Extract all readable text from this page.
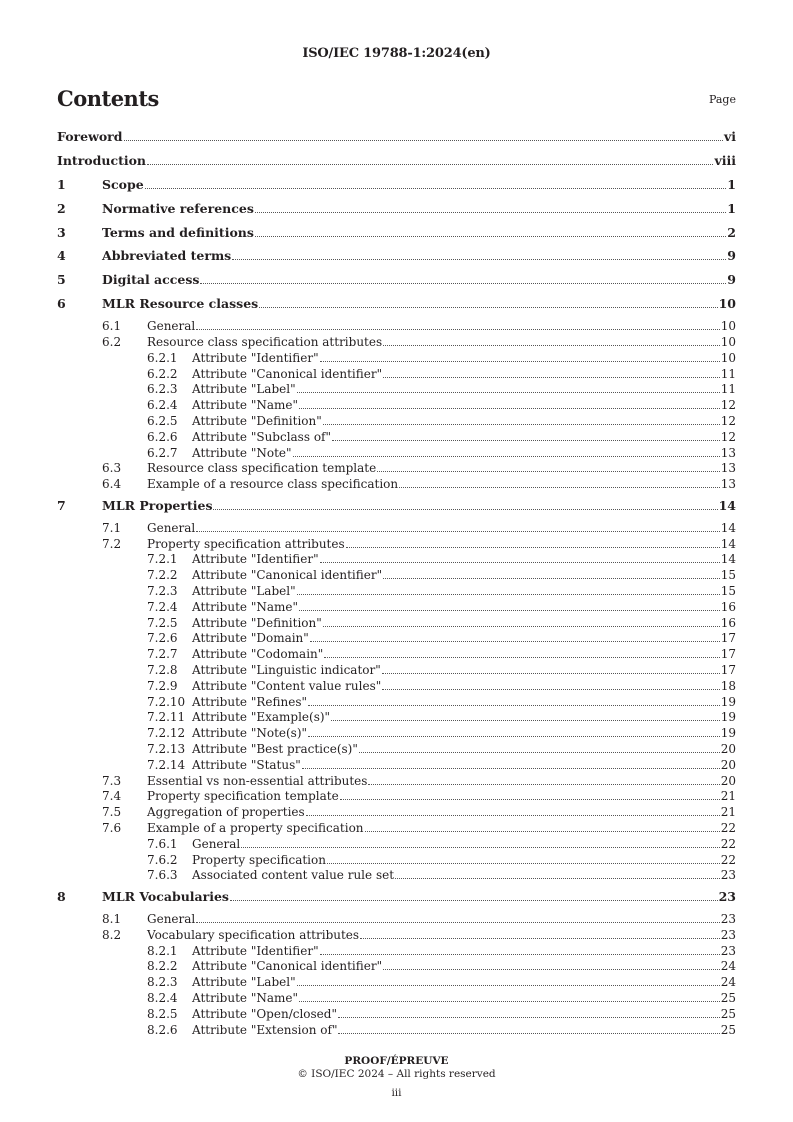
ISO/IEC 19788-1:2024(en)
Contents	Page
Foreword	vi
Introduction	viii
1	Scope	1
2	Normative references	1
3	Terms and definitions	2
4	Abbreviated terms	9
5	Digital access	9
6	MLR Resource classes	10
6.1	General	10
6.2	Resource class specification attributes	10
6.2.1	Attribute "Identifier"	10
6.2.2	Attribute "Canonical identifier"	11
6.2.3	Attribute "Label"	11
6.2.4	Attribute "Name"	12
6.2.5	Attribute "Definition"	12
6.2.6	Attribute "Subclass of"	12
6.2.7	Attribute "Note"	13
6.3	Resource class specification template	13
6.4	Example of a resource class specification	13
7	MLR Properties	14
7.1	General	14
7.2	Property specification attributes	14
7.2.1	Attribute "Identifier"	14
7.2.2	Attribute "Canonical identifier"	15
7.2.3	Attribute "Label"	15
7.2.4	Attribute "Name"	16
7.2.5	Attribute "Definition"	16
7.2.6	Attribute "Domain"	17
7.2.7	Attribute "Codomain"	17
7.2.8	Attribute "Linguistic indicator"	17
7.2.9	Attribute "Content value rules"	18
7.2.10 Attribute "Refines"	19
7.2.11 Attribute "Example(s)"	19
7.2.12 Attribute "Note(s)"	19
7.2.13 Attribute "Best practice(s)"	20
7.2.14 Attribute "Status"	20
7.3	Essential vs non-essential attributes	20
7.4	Property specification template	21
7.5	Aggregation of properties	21
7.6	Example of a property specification	22
7.6.1	General	22
7.6.2	Property specification	22
7.6.3	Associated content value rule set	23
8	MLR Vocabularies	23
8.1	General	23
8.2	Vocabulary specification attributes	23
8.2.1	Attribute "Identifier"	23
8.2.2	Attribute "Canonical identifier"	24
8.2.3	Attribute "Label"	24
8.2.4	Attribute "Name"	25
8.2.5	Attribute "Open/closed"	25
8.2.6	Attribute "Extension of"	25
PROOF/ÉPREUVE
© ISO/IEC 2024 – All rights reserved
iii
